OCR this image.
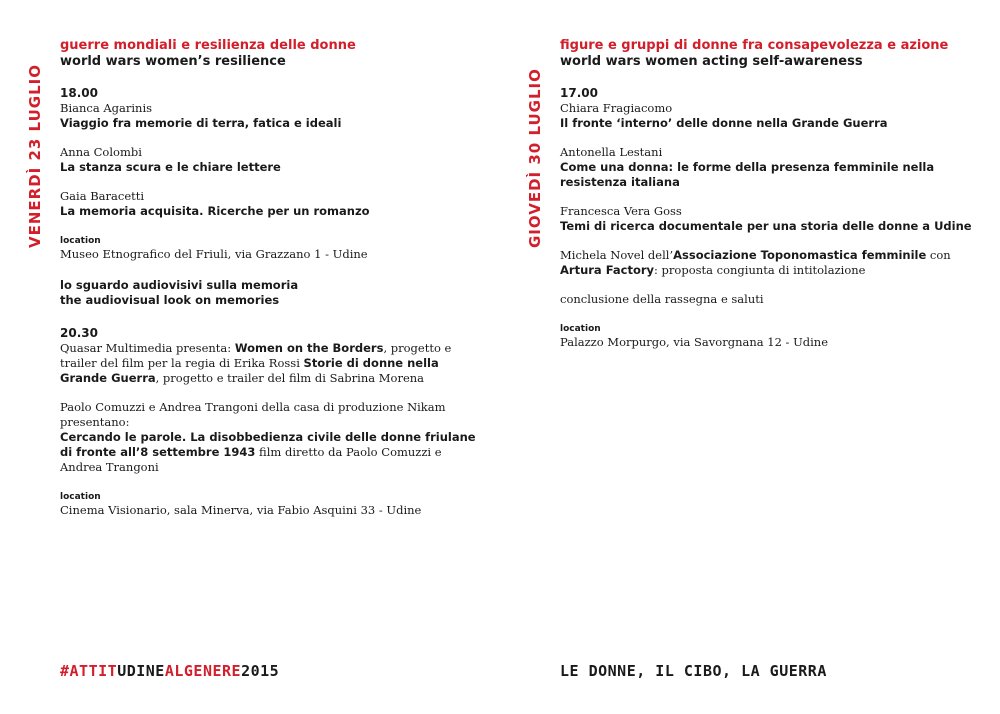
VENERDÌ 23 LUGLIO
guerre mondiali e resilienza delle donne
world wars women’s resilience
18.00
Bianca Agarinis
Viaggio fra memorie di terra, fatica e ideali
Anna Colombi
La stanza scura e le chiare lettere
Gaia Baracetti
La memoria acquisita. Ricerche per un romanzo
location
Museo Etnografico del Friuli, via Grazzano 1 - Udine
lo sguardo audiovisivi sulla memoria
the audiovisual look on memories
20.30
Quasar Multimedia presenta: Women on the Borders, progetto e trailer del film per la regia di Erika Rossi Storie di donne nella Grande Guerra, progetto e trailer del film di Sabrina Morena
Paolo Comuzzi e Andrea Trangoni della casa di produzione Nikam presentano:
Cercando le parole. La disobbedienza civile delle donne friulane di fronte all’8 settembre 1943 film diretto da Paolo Comuzzi e Andrea Trangoni
location
Cinema Visionario, sala Minerva, via Fabio Asquini 33 - Udine
GIOVEDÌ 30 LUGLIO
figure e gruppi di donne fra consapevolezza e azione
world wars women acting self-awareness
17.00
Chiara Fragiacomo
Il fronte ‘interno’ delle donne nella Grande Guerra
Antonella Lestani
Come una donna: le forme della presenza femminile nella resistenza italiana
Francesca Vera Goss
Temi di ricerca documentale per una storia delle donne a Udine
Michela Novel dell’Associazione Toponomastica femminile con Artura Factory: proposta congiunta di intitolazione
conclusione della rassegna e saluti
location
Palazzo Morpurgo, via Savorgnana 12 - Udine
#ATTITUDINEALGENERE2015	LE DONNE, IL CIBO, LA GUERRA
